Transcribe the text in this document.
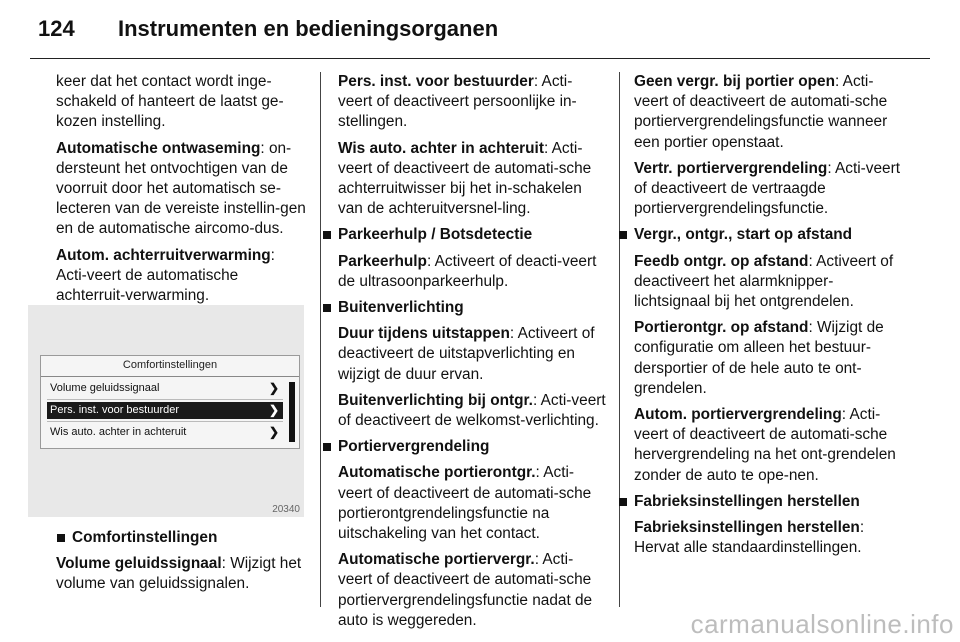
124 Instrumenten en bedieningsorganen

keer dat het contact wordt inge-schakeld of hanteert de laatst ge-kozen instelling.

Automatische ontwaseming: on-dersteunt het ontvochtigen van de voorruit door het automatisch se-lecteren van de vereiste instellin-gen en de automatische aircomo-dus.

Autom. achterruitverwarming: Acti-veert de automatische achterruit-verwarming.

Comfortinstellingen
Volume geluidssignaal	❯
Pers. inst. voor bestuurder	❯
Wis auto. achter in achteruit	❯
20340

Comfortinstellingen

Volume geluidssignaal: Wijzigt het volume van geluidssignalen.

Pers. inst. voor bestuurder: Acti-veert of deactiveert persoonlijke in-stellingen.

Wis auto. achter in achteruit: Acti-veert of deactiveert de automati-sche achterruitwisser bij het in-schakelen van de achteruitversnel-ling.

Parkeerhulp / Botsdetectie

Parkeerhulp: Activeert of deacti-veert de ultrasoonparkeerhulp.

Buitenverlichting

Duur tijdens uitstappen: Activeert of deactiveert de uitstapverlichting en wijzigt de duur ervan.

Buitenverlichting bij ontgr.: Acti-veert of deactiveert de welkomst-verlichting.

Portiervergrendeling

Automatische portierontgr.: Acti-veert of deactiveert de automati-sche portierontgrendelingsfunctie na uitschakeling van het contact.

Automatische portiervergr.: Acti-veert of deactiveert de automati-sche portiervergrendelingsfunctie nadat de auto is weggereden.

Geen vergr. bij portier open: Acti-veert of deactiveert de automati-sche portiervergrendelingsfunctie wanneer een portier openstaat.

Vertr. portiervergrendeling: Acti-veert of deactiveert de vertraagde portiervergrendelingsfunctie.

Vergr., ontgr., start op afstand

Feedb ontgr. op afstand: Activeert of deactiveert het alarmknipper-lichtsignaal bij het ontgrendelen.

Portierontgr. op afstand: Wijzigt de configuratie om alleen het bestuur-dersportier of de hele auto te ont-grendelen.

Autom. portiervergrendeling: Acti-veert of deactiveert de automati-sche hervergrendeling na het ont-grendelen zonder de auto te ope-nen.

Fabrieksinstellingen herstellen

Fabrieksinstellingen herstellen: Hervat alle standaardinstellingen.

carmanualsonline.info
